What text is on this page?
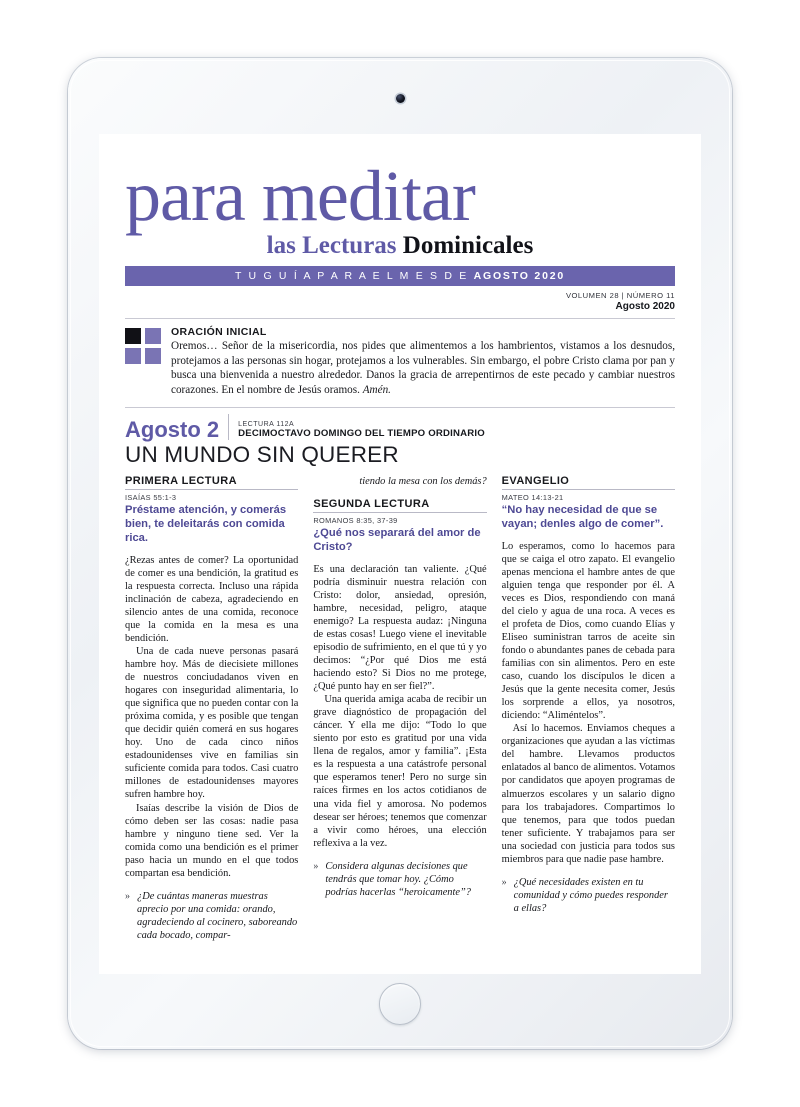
para meditar
las Lecturas Dominicales
T U G U Í A P A R A E L M E S D E AGOSTO 2020
VOLUMEN 28 | NÚMERO 11
Agosto 2020
ORACIÓN INICIAL
Oremos… Señor de la misericordia, nos pides que alimentemos a los hambrientos, vistamos a los desnudos, protejamos a las personas sin hogar, protejamos a los vulnerables. Sin embargo, el pobre Cristo clama por pan y busca una bienvenida a nuestro alrededor. Danos la gracia de arrepentirnos de este pecado y cambiar nuestros corazones. En el nombre de Jesús oramos. Amén.
Agosto 2	LECTURA 112A
DECIMOCTAVO DOMINGO DEL TIEMPO ORDINARIO
UN MUNDO SIN QUERER
PRIMERA LECTURA
ISAÍAS 55:1-3
Préstame atención, y comerás bien, te deleitarás con comida rica.

¿Rezas antes de comer? La oportunidad de comer es una bendición, la gratitud es la respuesta correcta. Incluso una rápida inclinación de cabeza, agradeciendo en silencio antes de una comida, reconoce que la comida en la mesa es una bendición.

Una de cada nueve personas pasará hambre hoy. Más de diecisiete millones de nuestros conciudadanos viven en hogares con inseguridad alimentaria, lo que significa que no pueden contar con la próxima comida, y es posible que tengan que decidir quién comerá en sus hogares hoy. Uno de cada cinco niños estadounidenses vive en familias sin suficiente comida para todos. Casi cuatro millones de estadounidenses mayores sufren hambre hoy.

Isaías describe la visión de Dios de cómo deben ser las cosas: nadie pasa hambre y ninguno tiene sed. Ver la comida como una bendición es el primer paso hacia un mundo en el que todos compartan esa bendición.

» ¿De cuántas maneras muestras aprecio por una comida: orando, agradeciendo al cocinero, saboreando cada bocado, compar-
tiendo la mesa con los demás?
SEGUNDA LECTURA
ROMANOS 8:35, 37-39
¿Qué nos separará del amor de Cristo?

Es una declaración tan valiente. ¿Qué podría disminuir nuestra relación con Cristo: dolor, ansiedad, opresión, hambre, necesidad, peligro, ataque enemigo? La respuesta audaz: ¡Ninguna de estas cosas! Luego viene el inevitable episodio de sufrimiento, en el que tú y yo decimos: “¿Por qué Dios me está haciendo esto? Si Dios no me protege, ¿Qué punto hay en ser fiel?”.

Una querida amiga acaba de recibir un grave diagnóstico de propagación del cáncer. Y ella me dijo: “Todo lo que siento por esto es gratitud por una vida llena de regalos, amor y familia”. ¡Esta es la respuesta a una catástrofe personal que esperamos tener! Pero no surge sin raíces firmes en los actos cotidianos de una vida fiel y amorosa. No podemos desear ser héroes; tenemos que comenzar a vivir como héroes, una elección reflexiva a la vez.

» Considera algunas decisiones que tendrás que tomar hoy. ¿Cómo podrías hacerlas “heroicamente”?
EVANGELIO
MATEO 14:13-21
“No hay necesidad de que se vayan; denles algo de comer”.

Lo esperamos, como lo hacemos para que se caiga el otro zapato. El evangelio apenas menciona el hambre antes de que alguien tenga que responder por él. A veces es Dios, respondiendo con maná del cielo y agua de una roca. A veces es el profeta de Dios, como cuando Elías y Eliseo suministran tarros de aceite sin fondo o abundantes panes de cebada para familias con sin alimentos. Pero en este caso, cuando los discípulos le dicen a Jesús que la gente necesita comer, Jesús los sorprende a ellos, ya nosotros, diciendo: “Aliméntelos”.

Así lo hacemos. Enviamos cheques a organizaciones que ayudan a las víctimas del hambre. Llevamos productos enlatados al banco de alimentos. Votamos por candidatos que apoyen programas de almuerzos escolares y un salario digno para los trabajadores. Compartimos lo que tenemos, para que todos puedan tener suficiente. Y trabajamos para ser una sociedad con justicia para todos sus miembros para que nadie pase hambre.

» ¿Qué necesidades existen en tu comunidad y cómo puedes responder a ellas?
